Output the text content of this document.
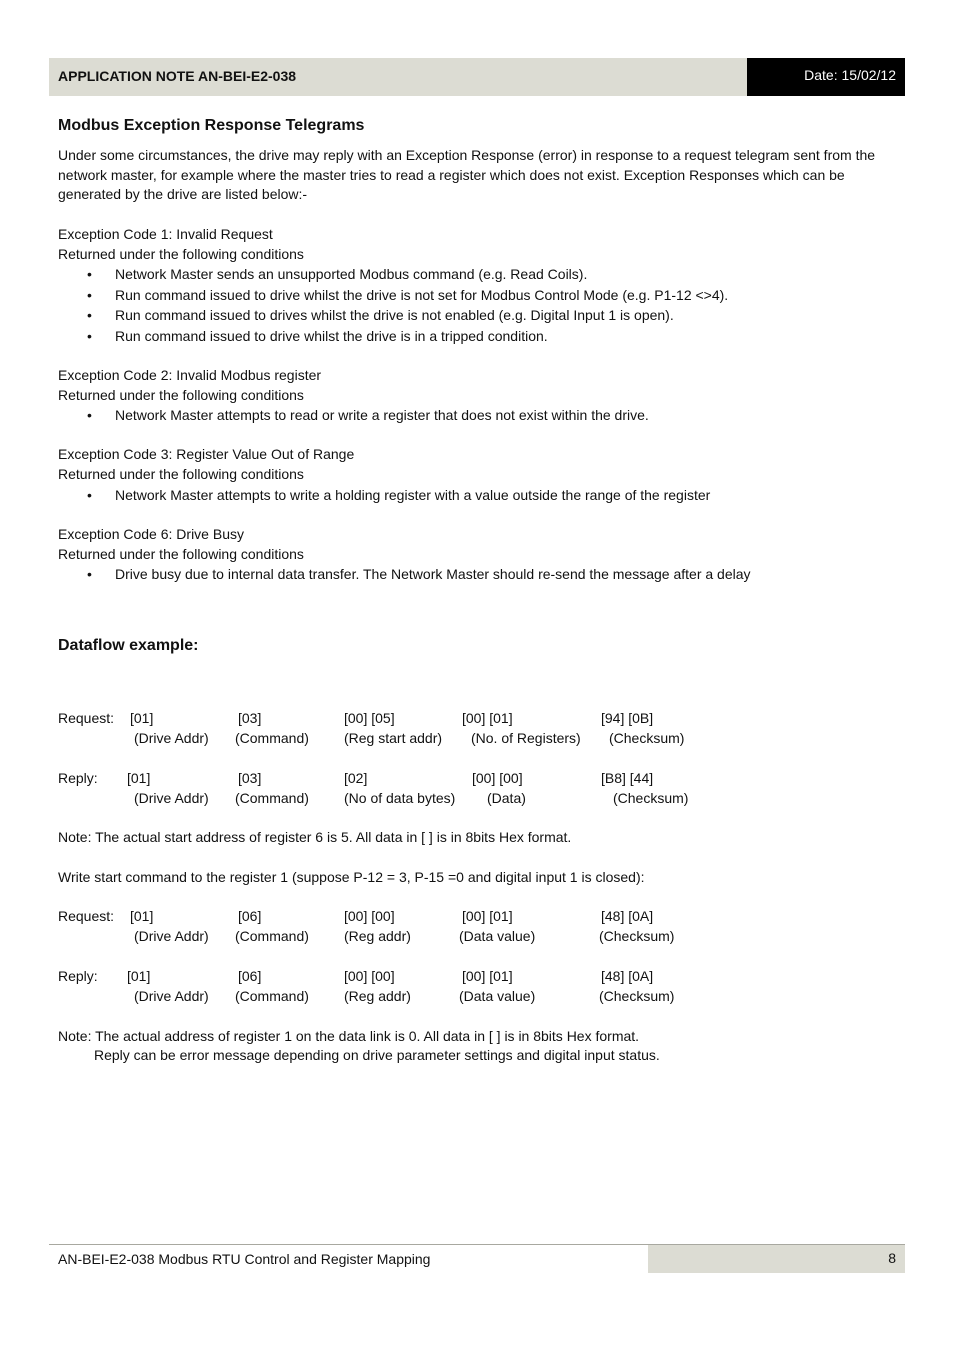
APPLICATION NOTE AN-BEI-E2-038	Date: 15/02/12
Modbus Exception Response Telegrams

Under some circumstances, the drive may reply with an Exception Response (error) in response to a request telegram sent from the network master, for example where the master tries to read a register which does not exist. Exception Responses which can be generated by the drive are listed below:-

Exception Code 1: Invalid Request

Returned under the following conditions

• Network Master sends an unsupported Modbus command (e.g. Read Coils).
• Run command issued to drive whilst the drive is not set for Modbus Control Mode (e.g. P1-12 <>4).
• Run command issued to drives whilst the drive is not enabled (e.g. Digital Input 1 is open).
• Run command issued to drive whilst the drive is in a tripped condition.

Exception Code 2: Invalid Modbus register

Returned under the following conditions

• Network Master attempts to read or write a register that does not exist within the drive.

Exception Code 3: Register Value Out of Range

Returned under the following conditions

• Network Master attempts to write a holding register with a value outside the range of the register

Exception Code 6: Drive Busy

Returned under the following conditions

• Drive busy due to internal data transfer. The Network Master should re-send the message after a delay
Dataflow example:
Request: [01]	[03]	[00] [05]	[00] [01]	[94] [0B]
(Drive Addr) (Command)	(Reg start addr) (No. of Registers) (Checksum)
Reply: [01]	[03]	[02]	[00] [00]	[B8] [44]
(Drive Addr) (Command)	(No of data bytes) (Data)	(Checksum)

Note: The actual start address of register 6 is 5. All data in [ ] is in 8bits Hex format.

Write start command to the register 1 (suppose P-12 = 3, P-15 =0 and digital input 1 is closed):

Request: [01]	[06]	[00] [00]	[00] [01]	[48] [0A]
(Drive Addr) (Command)	(Reg addr)	(Data value)	(Checksum)
Reply: [01]	[06]	[00] [00]	[00] [01]	[48] [0A]
(Drive Addr) (Command)	(Reg addr)	(Data value)	(Checksum)

Note: The actual address of register 1 on the data link is 0. All data in [ ] is in 8bits Hex format.

Reply can be error message depending on drive parameter settings and digital input status.

AN-BEI-E2-038 Modbus RTU Control and Register Mapping	8
